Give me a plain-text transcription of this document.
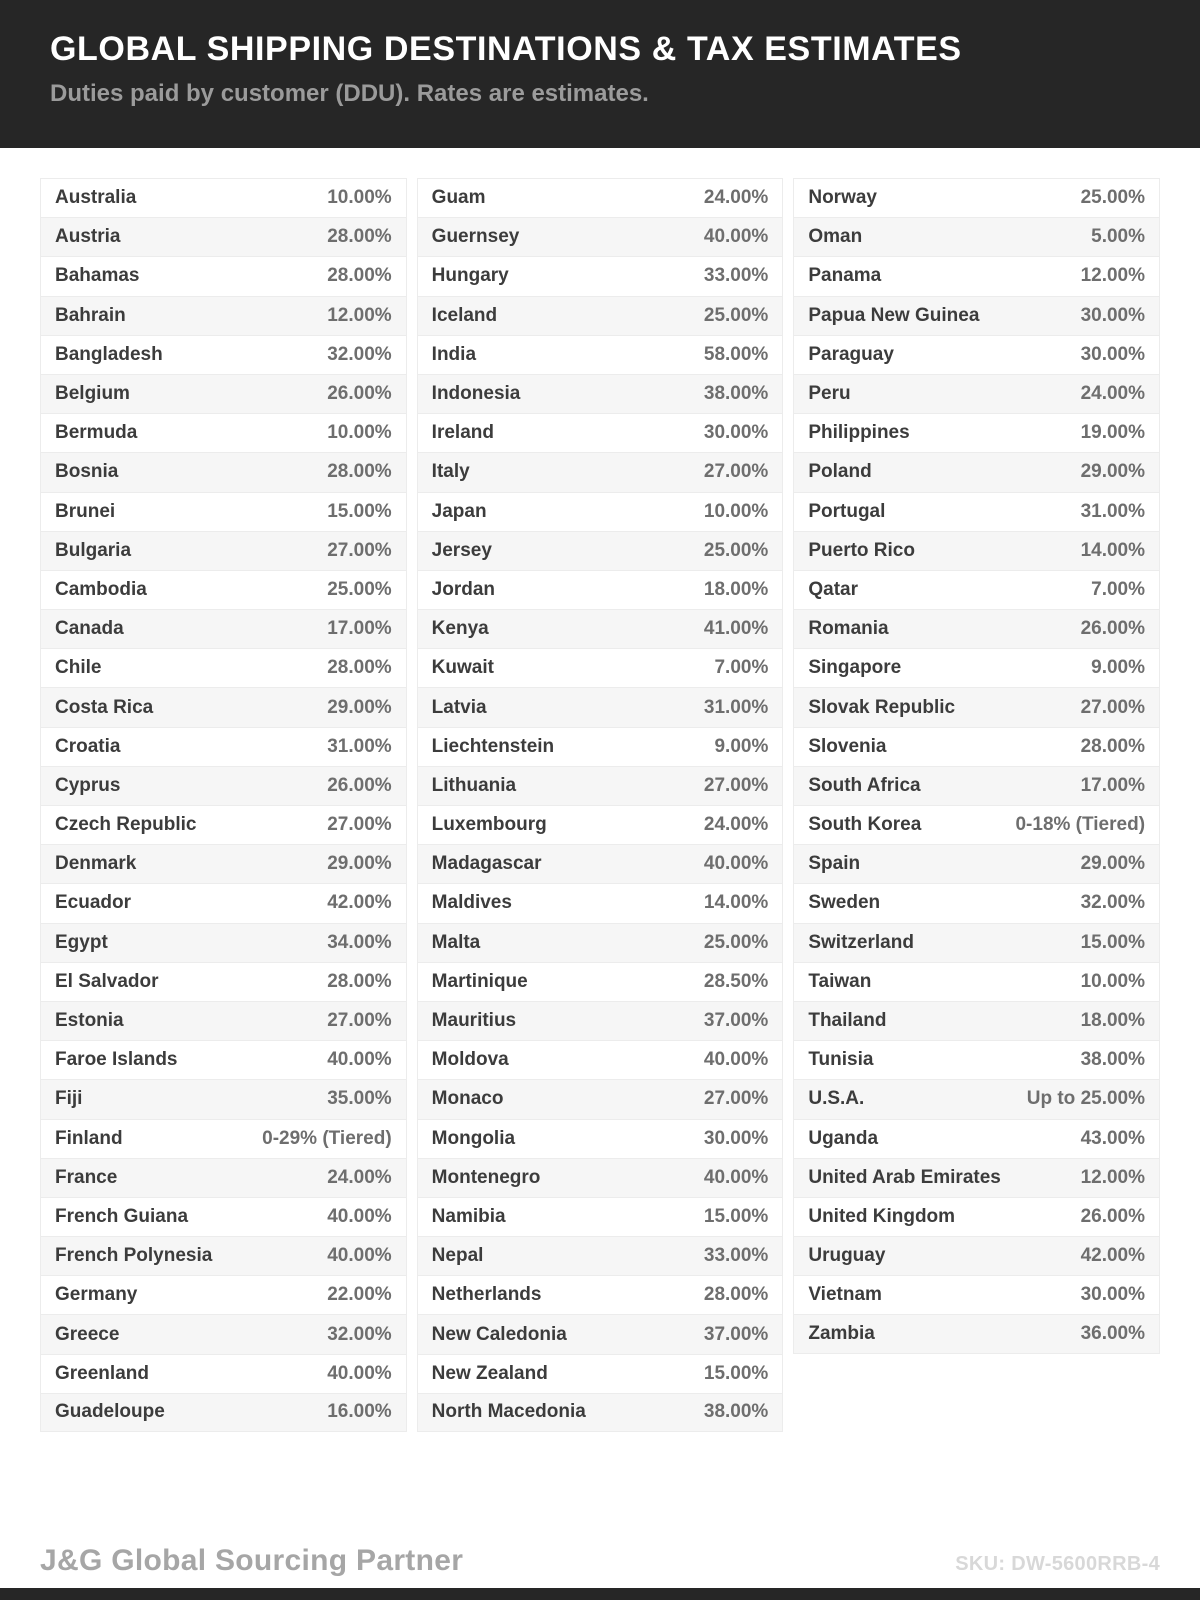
GLOBAL SHIPPING DESTINATIONS & TAX ESTIMATES
Duties paid by customer (DDU). Rates are estimates.
Australia	10.00%
Austria	28.00%
Bahamas	28.00%
Bahrain	12.00%
Bangladesh	32.00%
Belgium	26.00%
Bermuda	10.00%
Bosnia	28.00%
Brunei	15.00%
Bulgaria	27.00%
Cambodia	25.00%
Canada	17.00%
Chile	28.00%
Costa Rica	29.00%
Croatia	31.00%
Cyprus	26.00%
Czech Republic	27.00%
Denmark	29.00%
Ecuador	42.00%
Egypt	34.00%
El Salvador	28.00%
Estonia	27.00%
Faroe Islands	40.00%
Fiji	35.00%
Finland	0-29% (Tiered)
France	24.00%
French Guiana	40.00%
French Polynesia	40.00%
Germany	22.00%
Greece	32.00%
Greenland	40.00%
Guadeloupe	16.00%
Guam	24.00%
Guernsey	40.00%
Hungary	33.00%
Iceland	25.00%
India	58.00%
Indonesia	38.00%
Ireland	30.00%
Italy	27.00%
Japan	10.00%
Jersey	25.00%
Jordan	18.00%
Kenya	41.00%
Kuwait	7.00%
Latvia	31.00%
Liechtenstein	9.00%
Lithuania	27.00%
Luxembourg	24.00%
Madagascar	40.00%
Maldives	14.00%
Malta	25.00%
Martinique	28.50%
Mauritius	37.00%
Moldova	40.00%
Monaco	27.00%
Mongolia	30.00%
Montenegro	40.00%
Namibia	15.00%
Nepal	33.00%
Netherlands	28.00%
New Caledonia	37.00%
New Zealand	15.00%
North Macedonia	38.00%
Norway	25.00%
Oman	5.00%
Panama	12.00%
Papua New Guinea	30.00%
Paraguay	30.00%
Peru	24.00%
Philippines	19.00%
Poland	29.00%
Portugal	31.00%
Puerto Rico	14.00%
Qatar	7.00%
Romania	26.00%
Singapore	9.00%
Slovak Republic	27.00%
Slovenia	28.00%
South Africa	17.00%
South Korea	0-18% (Tiered)
Spain	29.00%
Sweden	32.00%
Switzerland	15.00%
Taiwan	10.00%
Thailand	18.00%
Tunisia	38.00%
U.S.A.	Up to 25.00%
Uganda	43.00%
United Arab Emirates	12.00%
United Kingdom	26.00%
Uruguay	42.00%
Vietnam	30.00%
Zambia	36.00%
J&G Global Sourcing Partner	SKU: DW-5600RRB-4
